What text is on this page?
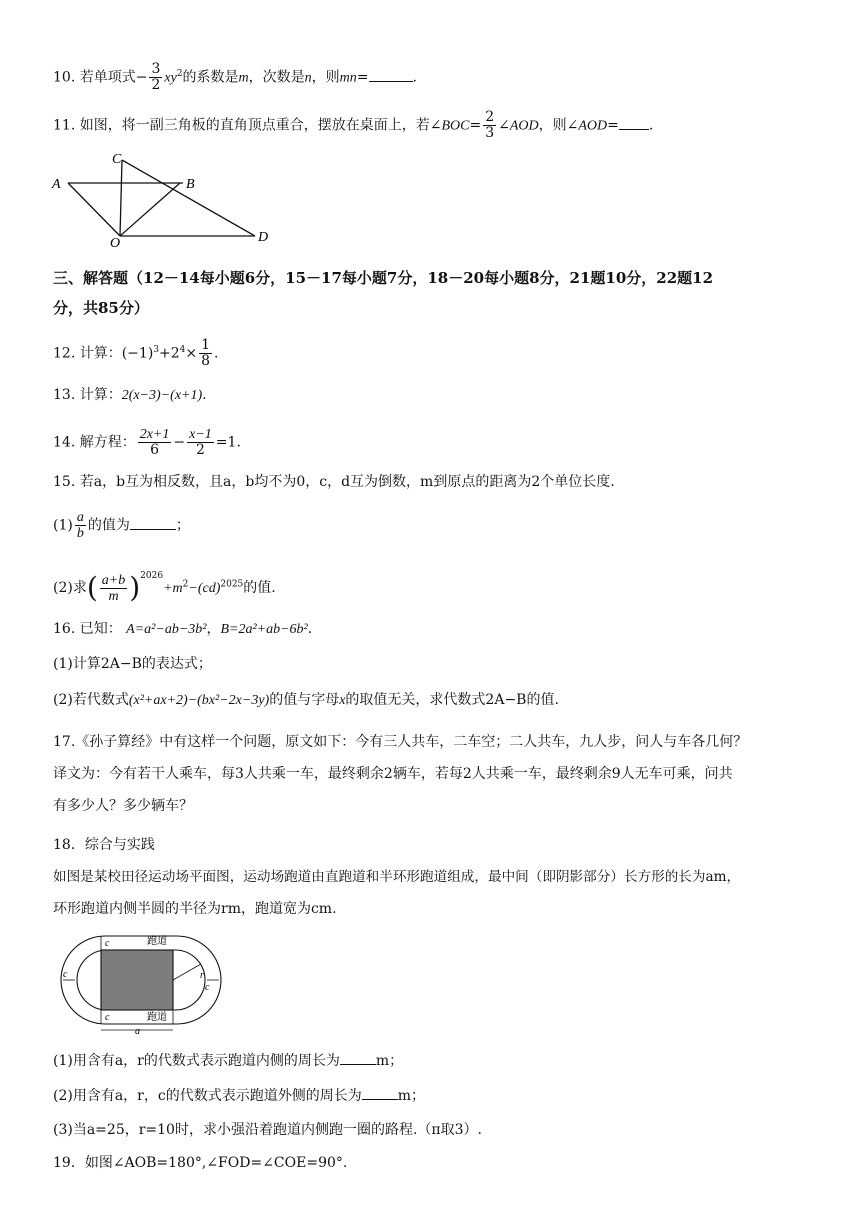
10. 若单项式− $\frac{3}{2} xy^2$的系数是m，次数是n，则mn=	.
11. 如图，将一副三角板的直角顶点重合，摆放在桌面上，若∠BOC= $\frac{2}{3}$ ∠AOD，则∠AOD= .
C
A	B
O	D
三、解答题（12－14每小题6分，15－17每小题7分，18－20每小题8分，21题10分，22题12
分，共85分）
12. 计算：$(-1)^3+2^4\times \frac{1}{8}$ .
13. 计算：2(x−3)−(x+1).
14. 解方程： $\frac{2x+1}{6} - \frac{x-1}{2} =1$.
15. 若a，b互为相反数，且a，b均不为0，c，d互为倒数，m到原点的距离为2个单位长度.
$(1) \frac{a}{b}$ 的值为	；
(2)求( $\frac{a+b}{m} )^{2026}+m^2-(cd)^{2025}$的值.
16. 已知： A=a²−ab−3b²，B=2a²+ab−6b².
(1)计算2A−B的表达式；
(2)若代数式(x²+ax+2)−(bx²−2x−3y)的值与字母x的取值无关，求代数式2A−B的值.
17.《孙子算经》中有这样一个问题，原文如下：今有三人共车，二车空；二人共车，九人步，问人与车各几何？
译文为：今有若干人乘车，每3人共乘一车，最终剩余2辆车，若每2人共乘一车，最终剩余9人无车可乘，问共
有多少人？多少辆车？
18．综合与实践
如图是某校田径运动场平面图，运动场跑道由直跑道和半环形跑道组成，最中间（即阴影部分）长方形的长为am，
环形跑道内侧半圆的半径为rm，跑道宽为cm.
c	跑道
c	r
c
c	跑道
a
(1)用含有a，r的代数式表示跑道内侧的周长为	m；
(2)用含有a，r，c的代数式表示跑道外侧的周长为	m；
(3)当a=25，r=10时，求小强沿着跑道内侧跑一圈的路程.（π取3）.
19．如图∠AOB=180°,∠FOD=∠COE=90°.
